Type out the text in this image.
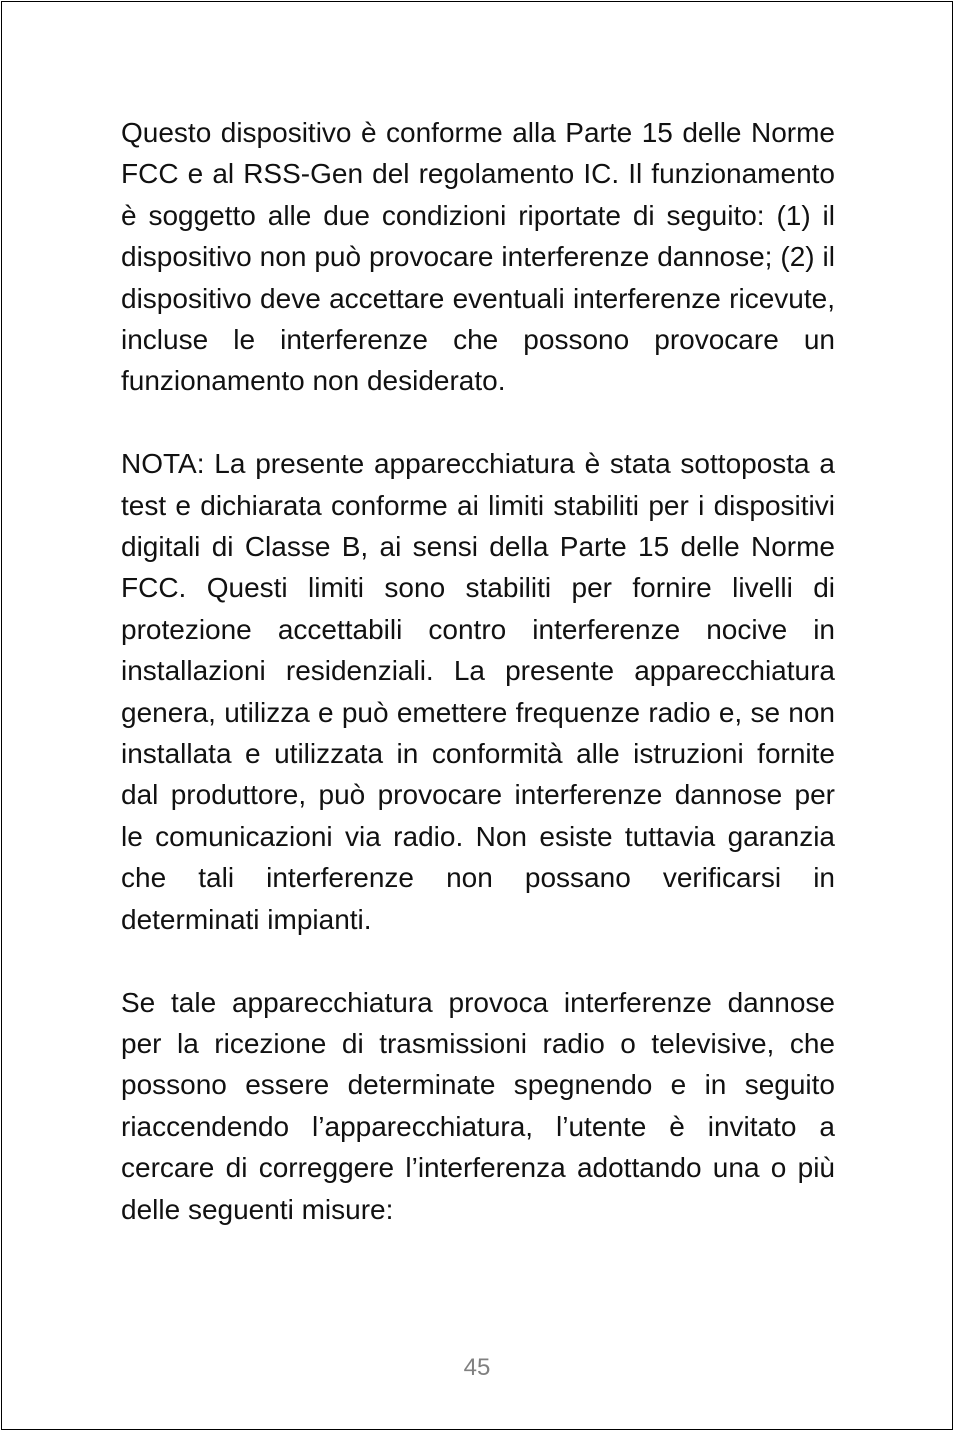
Questo dispositivo è conforme alla Parte 15 delle Norme FCC e al RSS-Gen del regolamento IC. Il funzionamento è soggetto alle due condizioni riportate di seguito: (1) il dispositivo non può provocare interferenze dannose; (2) il dispositivo deve accettare eventuali interferenze ricevute, incluse le interferenze che possono provocare un funzionamento non desiderato.

NOTA: La presente apparecchiatura è stata sottoposta a test e dichiarata conforme ai limiti stabiliti per i dispositivi digitali di Classe B, ai sensi della Parte 15 delle Norme FCC. Questi limiti sono stabiliti per fornire livelli di protezione accettabili contro interferenze nocive in installazioni residenziali. La presente apparecchiatura genera, utilizza e può emettere frequenze radio e, se non installata e utilizzata in conformità alle istruzioni fornite dal produttore, può provocare interferenze dannose per le comunicazioni via radio. Non esiste tuttavia garanzia che tali interferenze non possano verificarsi in determinati impianti.

Se tale apparecchiatura provoca interferenze dannose per la ricezione di trasmissioni radio o televisive, che possono essere determinate spegnendo e in seguito riaccendendo l’apparecchiatura, l’utente è invitato a cercare di correggere l’interferenza adottando una o più delle seguenti misure:

45
